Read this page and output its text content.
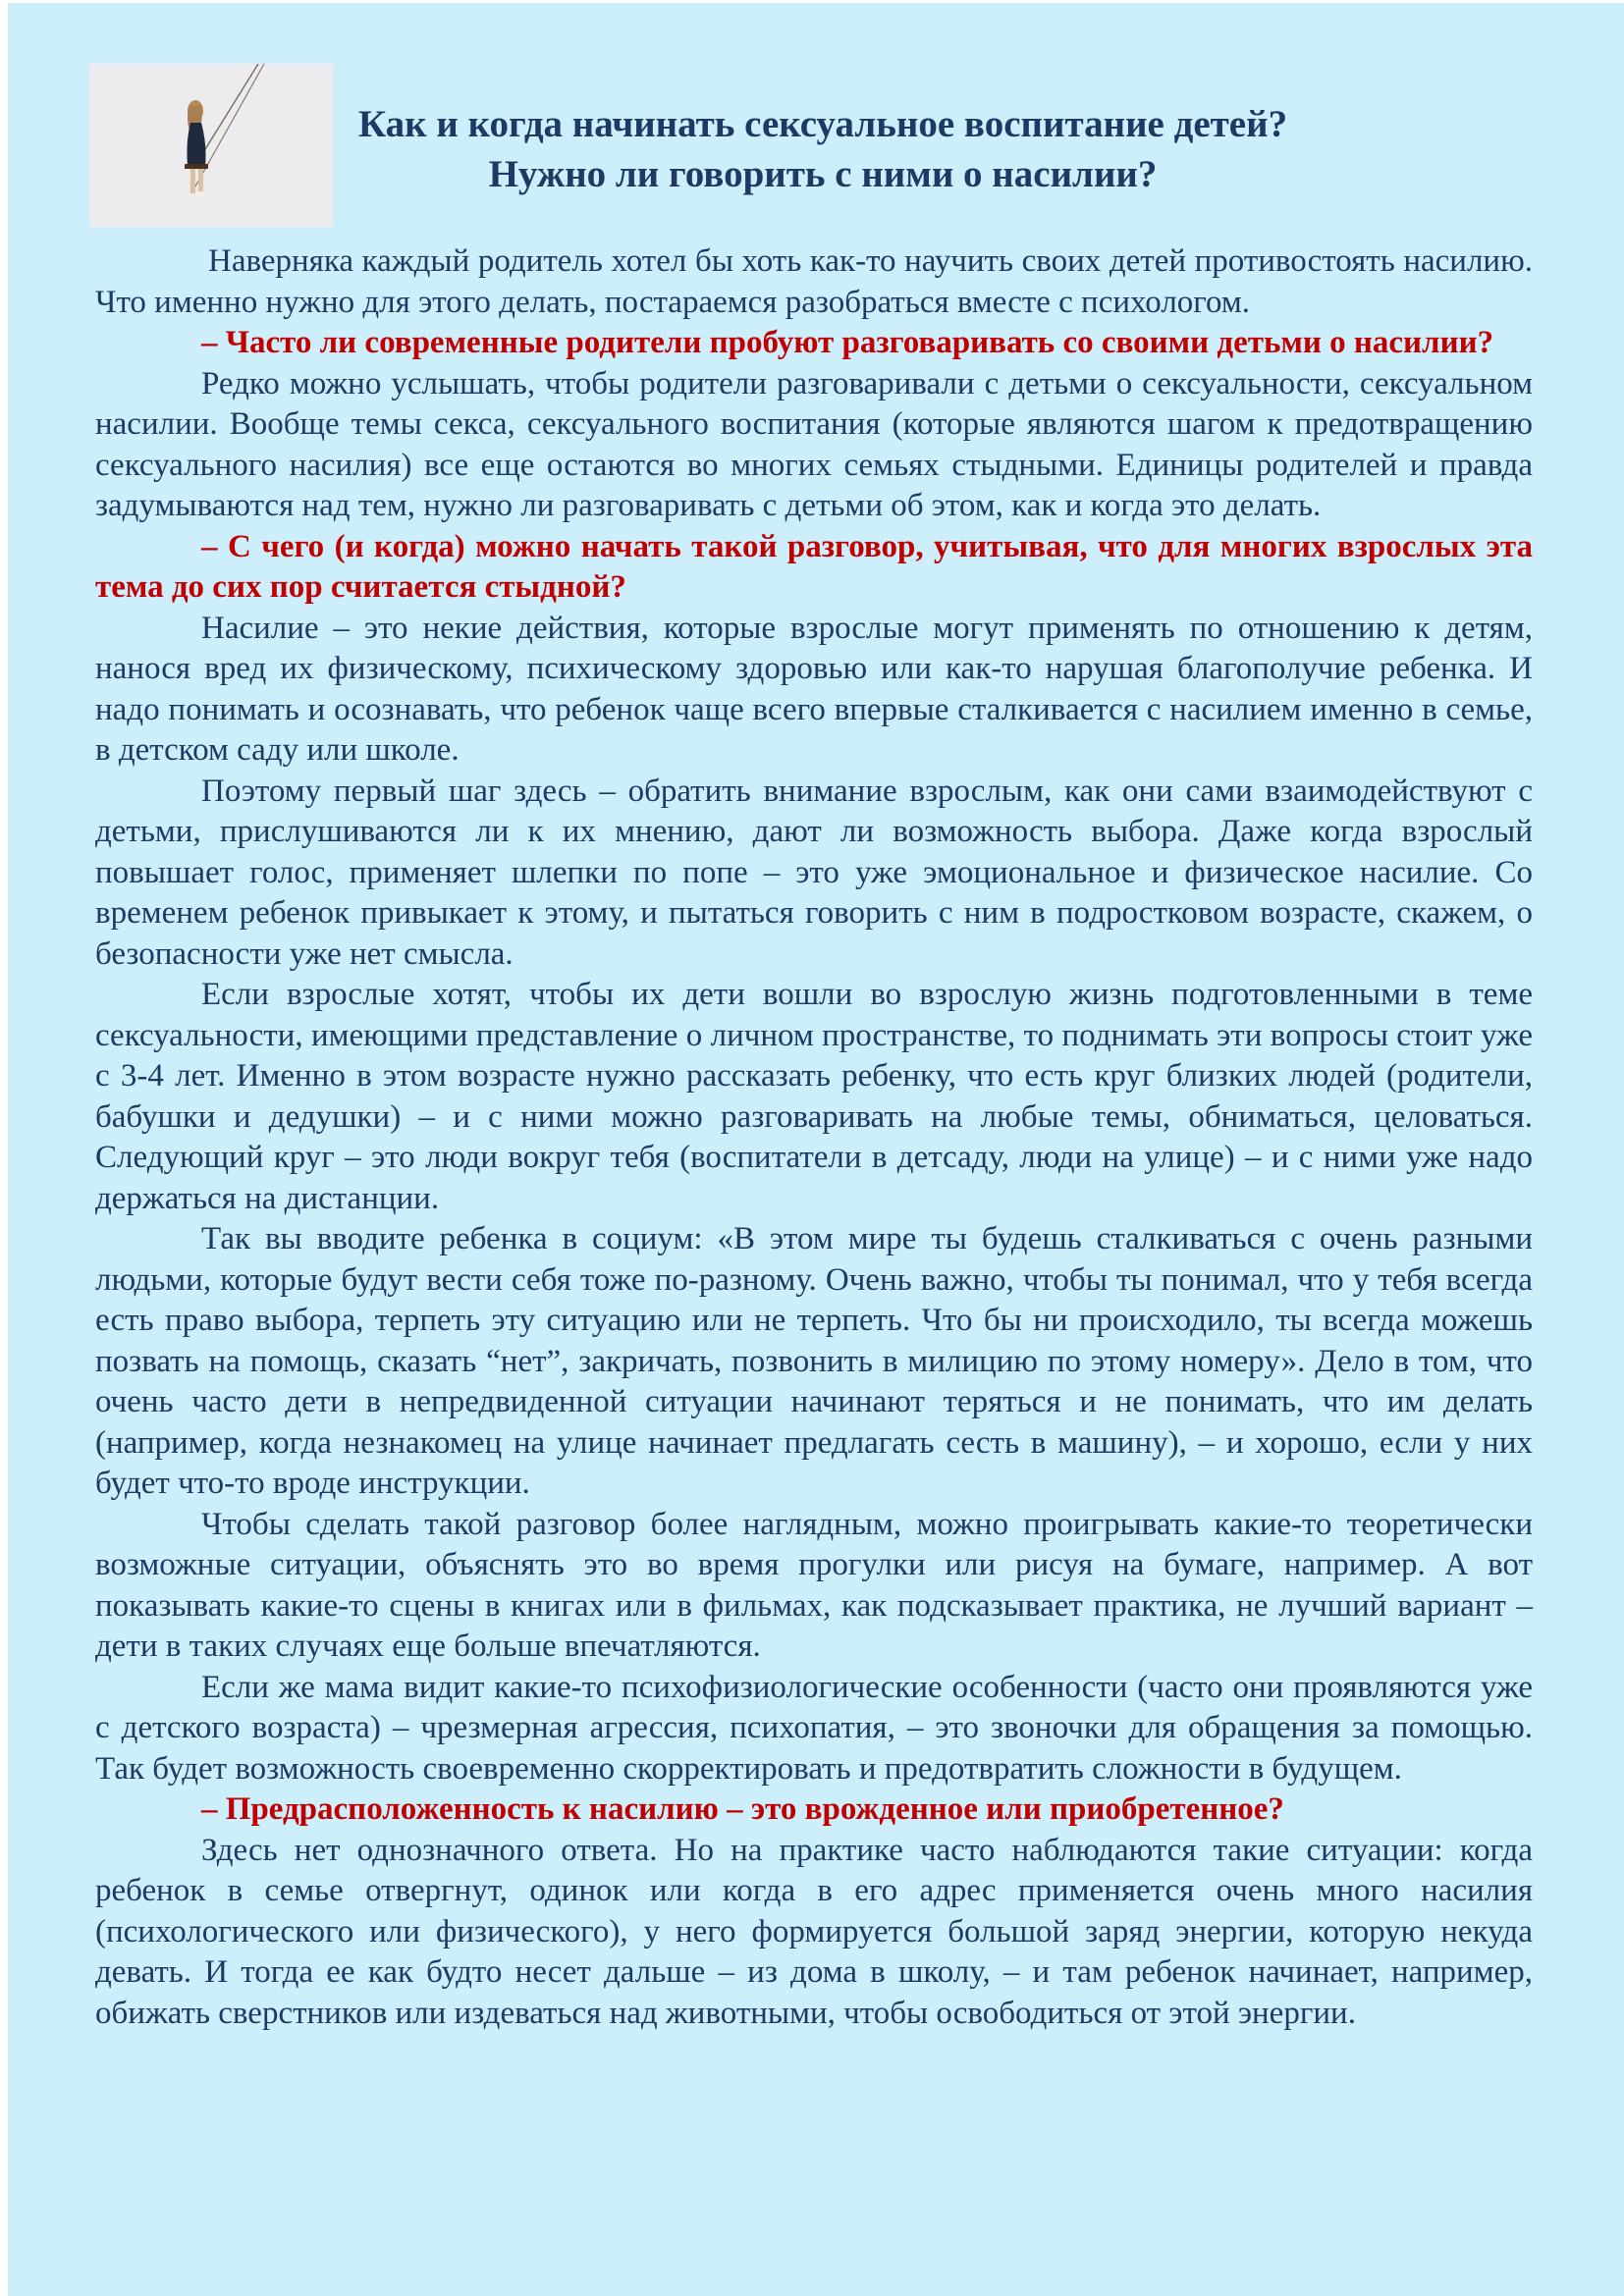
Как и когда начинать сексуальное воспитание детей?
Нужно ли говорить с ними о насилии?

Наверняка каждый родитель хотел бы хоть как-то научить своих детей противостоять насилию. Что именно нужно для этого делать, постараемся разобраться вместе с психологом.

– Часто ли современные родители пробуют разговаривать со своими детьми о насилии?

Редко можно услышать, чтобы родители разговаривали с детьми о сексуальности, сексуальном насилии. Вообще темы секса, сексуального воспитания (которые являются шагом к предотвращению сексуального насилия) все еще остаются во многих семьях стыдными. Единицы родителей и правда задумываются над тем, нужно ли разговаривать с детьми об этом, как и когда это делать.

– С чего (и когда) можно начать такой разговор, учитывая, что для многих взрослых эта тема до сих пор считается стыдной?

Насилие – это некие действия, которые взрослые могут применять по отношению к детям, нанося вред их физическому, психическому здоровью или как-то нарушая благополучие ребенка. И надо понимать и осознавать, что ребенок чаще всего впервые сталкивается с насилием именно в семье, в детском саду или школе.

Поэтому первый шаг здесь – обратить внимание взрослым, как они сами взаимодействуют с детьми, прислушиваются ли к их мнению, дают ли возможность выбора. Даже когда взрослый повышает голос, применяет шлепки по попе – это уже эмоциональное и физическое насилие. Со временем ребенок привыкает к этому, и пытаться говорить с ним в подростковом возрасте, скажем, о безопасности уже нет смысла.

Если взрослые хотят, чтобы их дети вошли во взрослую жизнь подготовленными в теме сексуальности, имеющими представление о личном пространстве, то поднимать эти вопросы стоит уже с 3-4 лет. Именно в этом возрасте нужно рассказать ребенку, что есть круг близких людей (родители, бабушки и дедушки) – и с ними можно разговаривать на любые темы, обниматься, целоваться. Следующий круг – это люди вокруг тебя (воспитатели в детсаду, люди на улице) – и с ними уже надо держаться на дистанции.

Так вы вводите ребенка в социум: «В этом мире ты будешь сталкиваться с очень разными людьми, которые будут вести себя тоже по-разному. Очень важно, чтобы ты понимал, что у тебя всегда есть право выбора, терпеть эту ситуацию или не терпеть. Что бы ни происходило, ты всегда можешь позвать на помощь, сказать “нет”, закричать, позвонить в милицию по этому номеру». Дело в том, что очень часто дети в непредвиденной ситуации начинают теряться и не понимать, что им делать (например, когда незнакомец на улице начинает предлагать сесть в машину), – и хорошо, если у них будет что-то вроде инструкции.

Чтобы сделать такой разговор более наглядным, можно проигрывать какие-то теоретически возможные ситуации, объяснять это во время прогулки или рисуя на бумаге, например. А вот показывать какие-то сцены в книгах или в фильмах, как подсказывает практика, не лучший вариант – дети в таких случаях еще больше впечатляются.

Если же мама видит какие-то психофизиологические особенности (часто они проявляются уже с детского возраста) – чрезмерная агрессия, психопатия, – это звоночки для обращения за помощью. Так будет возможность своевременно скорректировать и предотвратить сложности в будущем.

– Предрасположенность к насилию – это врожденное или приобретенное?

Здесь нет однозначного ответа. Но на практике часто наблюдаются такие ситуации: когда ребенок в семье отвергнут, одинок или когда в его адрес применяется очень много насилия (психологического или физического), у него формируется большой заряд энергии, которую некуда девать. И тогда ее как будто несет дальше – из дома в школу, – и там ребенок начинает, например, обижать сверстников или издеваться над животными, чтобы освободиться от этой энергии.
